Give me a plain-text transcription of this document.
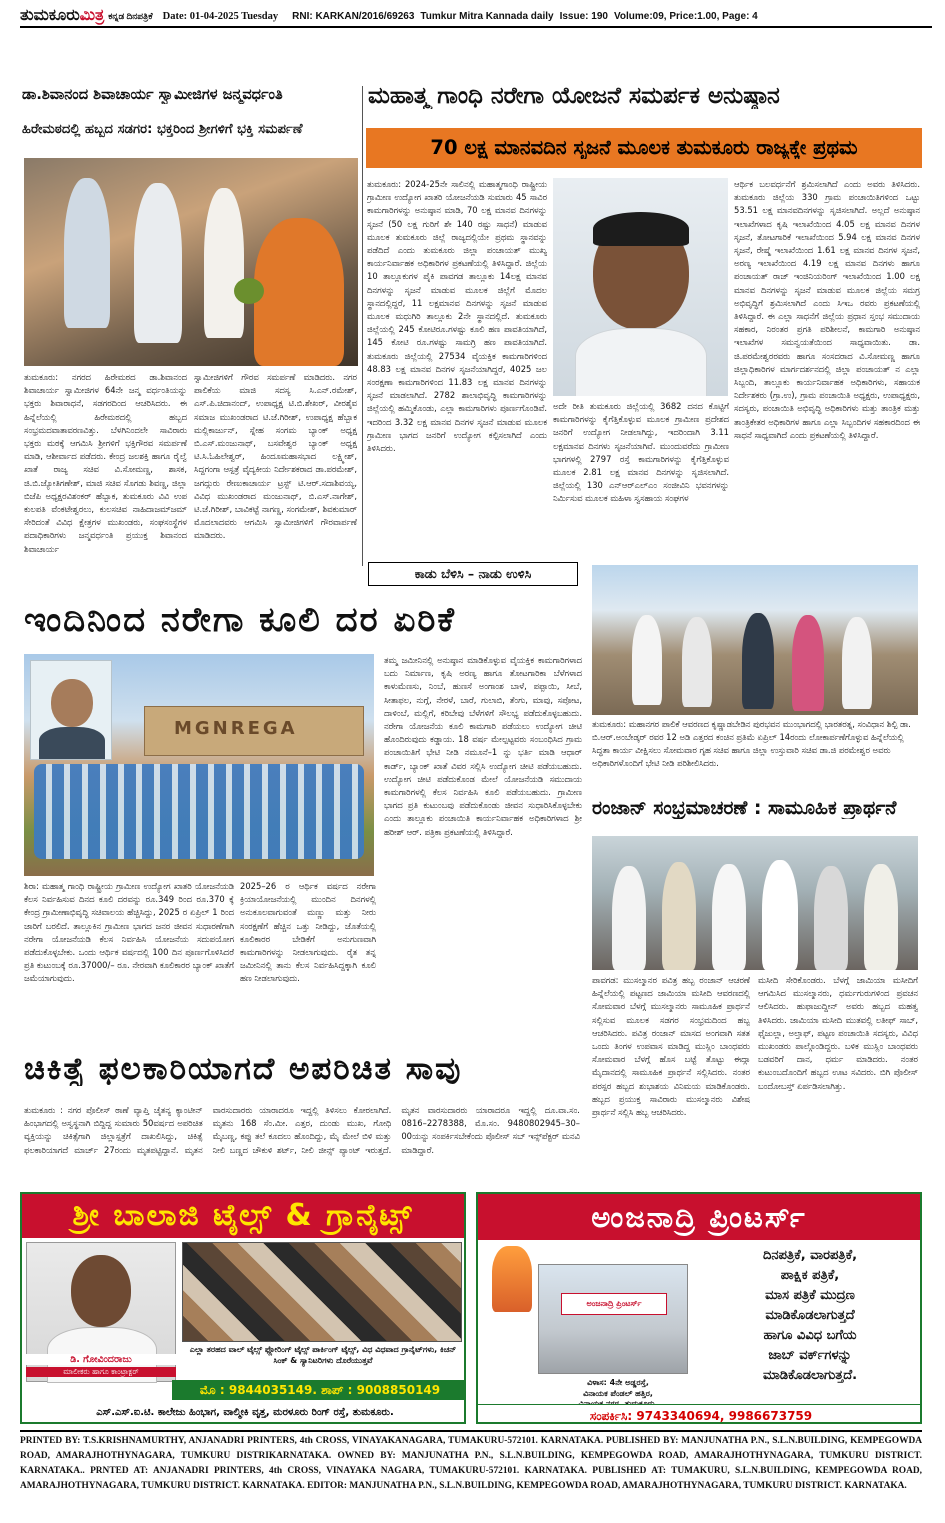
ತುಮಕೂರುಮಿತ್ರ ಕನ್ನಡ ದಿನಪತ್ರಿಕೆ Date: 01-04-2025 Tuesday RNI: KARKAN/2016/69263 Tumkur Mitra Kannada daily Issue: 190 Volume:09, Price:1.00, Page: 4
ಡಾ.ಶಿವಾನಂದ ಶಿವಾಚಾರ್ಯ ಸ್ವಾಮೀಜಿಗಳ ಜನ್ಮವರ್ಧಂತಿ
ಹಿರೇಮಠದಲ್ಲಿ ಹಬ್ಬದ ಸಡಗರ: ಭಕ್ತರಿಂದ ಶ್ರೀಗಳಿಗೆ ಭಕ್ತಿ ಸಮರ್ಪಣೆ
ತುಮಕೂರು: ನಗರದ ಹಿರೇಮಠದ ಡಾ.ಶಿವಾನಂದ ಶಿವಾಚಾರ್ಯ ಸ್ವಾಮೀಜಿಗಳ 64ನೇ ಜನ್ಮ ವರ್ಧಂತಿಯನ್ನು ಭಕ್ತರು ಶಿವಾರಾಧನೆ, ಸಡಗರದಿಂದ ಆಚರಿಸಿದರು. ಈ ಹಿನ್ನೆಲೆಯಲ್ಲಿ ಹಿರೇಮಠದಲ್ಲಿ ಹಬ್ಬದ ಸಂಭ್ರಮದವಾತಾವರಣವಿತ್ತು. ಬೆಳಗಿನಿಂದಲೇ ಸಾವಿರಾರು ಭಕ್ತರು ಮಠಕ್ಕೆ ಆಗಮಿಸಿ ಶ್ರೀಗಳಿಗೆ ಭಕ್ತಿಗೌರವ ಸಮರ್ಪಣೆ ಮಾಡಿ, ಆಶೀರ್ವಾದ ಪಡೆದರು. ಕೇಂದ್ರ ಜಲಶಕ್ತಿ ಹಾಗೂ ರೈಲ್ವೆ ಖಾತೆ ರಾಜ್ಯ ಸಚಿವ ವಿ.ಸೋಮಣ್ಣ, ಶಾಸಕ, ಜಿ.ಬಿ.ಜ್ಯೋತಿಗಣೇಶ್, ಮಾಜಿ ಸಚಿವ ಸೊಗಡು ಶಿವಣ್ಣ, ಜಿಲ್ಲಾ ಬಿಜೆಪಿ ಅಧ್ಯಕ್ಷರವಿಶಂಕರ್ ಹೆಬ್ಬಾಕ, ತುಮಕೂರು ವಿವಿ ಉಪ ಕುಲಪತಿ ವೆಂಕಟೇಶ್ವರಲು, ಕುಲಸಚಿವ ನಾಹಿದಾಜಮ್‌ಜಮ್ ಸೇರಿದಂತೆ ವಿವಿಧ ಕ್ಷೇತ್ರಗಳ ಮುಖಂಡರು, ಸಂಘಸಂಸ್ಥೆಗಳ ಪದಾಧಿಕಾರಿಗಳು ಜನ್ಮವರ್ಧಂತಿ ಪ್ರಯುಕ್ತ ಶಿವಾನಂದ ಶಿವಾಚಾರ್ಯ
ಸ್ವಾಮೀಜಿಗಳಿಗೆ ಗೌರವ ಸಮರ್ಪಣೆ ಮಾಡಿದರು. ನಗರ ಪಾಲಿಕೆಯ ಮಾಜಿ ಸದಸ್ಯ ಸಿ.ಎನ್.ರಮೇಶ್, ಎಸ್.ಪಿ.ಚಿದಾನಂದ್, ಉಪಾಧ್ಯಕ್ಷ ಟಿ.ಬಿ.ಶೇಖರ್, ವೀರಶೈವ ಸಮಾಜ ಮುಖಂಡರಾದ ಟಿ.ಜೆ.ಗಿರೀಶ್, ಉಪಾಧ್ಯಕ್ಷ ಹೆಬ್ಬಾಕ ಮಲ್ಲಿಕಾರ್ಜುನ್, ಸ್ನೇಹ ಸಂಗಮ ಬ್ಯಾಂಕ್ ಅಧ್ಯಕ್ಷ ಬಿ.ಎಸ್.ಮಂಜುನಾಥ್, ಬಸವೇಶ್ವರ ಬ್ಯಾಂಕ್ ಅಧ್ಯಕ್ಷ ಟಿ.ಸಿ.ಓಹಿಲೇಶ್ವರ್, ಹಿಂದೂಮಹಾಸಭಾದ ಲಕ್ಷ್ಮೀಶ್, ಸಿದ್ದಗಂಗಾ ಆಸ್ಪತ್ರೆ ವೈದ್ಯಕೀಯ ನಿರ್ದೇಶಕರಾದ ಡಾ.ಪರಮೇಶ್, ಜಗದ್ಗುರು ರೇಣುಕಾಚಾರ್ಯ ಟ್ರಸ್ಟ್ ಟಿ.ಆರ್.ಸದಾಶಿವಯ್ಯ, ವಿವಿಧ ಮುಖಂಡರಾದ ಮಂಜುನಾಥ್, ಬಿ.ಎಸ್.ನಾಗೇಶ್, ಟಿ.ಜೆ.ಗಿರೀಶ್, ಬಾವಿಕಟ್ಟೆ ನಾಗಣ್ಣ, ಸಂಗಮೇಶ್, ಶಿವಕುಮಾರ್ ಮೊದಲಾದವರು ಆಗಮಿಸಿ ಸ್ವಾಮೀಜಿಗಳಿಗೆ ಗೌರವಾರ್ಪಣೆ ಮಾಡಿದರು.
ಮಹಾತ್ಮ ಗಾಂಧಿ ನರೇಗಾ ಯೋಜನೆ ಸಮರ್ಪಕ ಅನುಷ್ಠಾನ
70 ಲಕ್ಷ ಮಾನವದಿನ ಸೃಜನೆ ಮೂಲಕ ತುಮಕೂರು ರಾಜ್ಯಕ್ಕೇ ಪ್ರಥಮ
ತುಮಕೂರು: 2024-25ನೇ ಸಾಲಿನಲ್ಲಿ ಮಹಾತ್ಮಗಾಂಧಿ ರಾಷ್ಟ್ರೀಯ ಗ್ರಾಮೀಣ ಉದ್ಯೋಗ ಖಾತರಿ ಯೋಜನೆಯಡಿ ಸುಮಾರು 45 ಸಾವಿರ ಕಾಮಗಾರಿಗಳನ್ನು ಅನುಷ್ಠಾನ ಮಾಡಿ, 70 ಲಕ್ಷ ಮಾನವ ದಿನಗಳನ್ನು ಸೃಜನೆ (50 ಲಕ್ಷ ಗುರಿಗೆ ಶೇ 140 ರಷ್ಟು ಸಾಧನೆ) ಮಾಡುವ ಮೂಲಕ ತುಮಕೂರು ಜಿಲ್ಲೆ ರಾಜ್ಯದಲ್ಲಿಯೇ ಪ್ರಥಮ ಸ್ಥಾನವನ್ನು ಪಡೆದಿದೆ ಎಂದು ತುಮಕೂರು ಜಿಲ್ಲಾ ಪಂಚಾಯತ್ ಮುಖ್ಯ ಕಾರ್ಯನಿರ್ವಾಹಕ ಅಧಿಕಾರಿಗಳ ಪ್ರಕಟಣೆಯಲ್ಲಿ ತಿಳಿಸಿದ್ದಾರೆ. ಜಿಲ್ಲೆಯ 10 ತಾಲ್ಲೂಕುಗಳ ಪೈಕಿ ಪಾವಗಡ ತಾಲ್ಲೂಕು 14ಲಕ್ಷ ಮಾನವ ದಿನಗಳನ್ನು ಸೃಜನೆ ಮಾಡುವ ಮೂಲಕ ಜಿಲ್ಲೆಗೆ ಮೊದಲ ಸ್ಥಾನದಲ್ಲಿದ್ದರೆ, 11 ಲಕ್ಷಮಾನವ ದಿನಗಳನ್ನು ಸೃಜನೆ ಮಾಡುವ ಮೂಲಕ ಮಧುಗಿರಿ ತಾಲ್ಲೂಕು 2ನೇ ಸ್ಥಾನದಲ್ಲಿದೆ. ತುಮಕೂರು ಜಿಲ್ಲೆಯಲ್ಲಿ 245 ಕೋಟಿರೂ.ಗಳಷ್ಟು ಕೂಲಿ ಹಣ ಪಾವತಿಯಾಗಿದೆ, 145 ಕೋಟಿ ರೂ.ಗಳಷ್ಟು ಸಾಮಗ್ರಿ ಹಣ ಪಾವತಿಯಾಗಿದೆ. ತುಮಕೂರು ಜಿಲ್ಲೆಯಲ್ಲಿ 27534 ವೈಯಕ್ತಿಕ ಕಾಮಗಾರಿಗಳಿಂದ 48.83 ಲಕ್ಷ ಮಾನವ ದಿನಗಳ ಸೃಜನೆಯಾಗಿದ್ದರೆ, 4025 ಜಲ ಸಂರಕ್ಷಣಾ ಕಾಮಗಾರಿಗಳಿಂದ 11.83 ಲಕ್ಷ ಮಾನವ ದಿನಗಳನ್ನು ಸೃಜನೆ ಮಾಡಲಾಗಿದೆ. 2782 ಶಾಲಾಭಿವೃದ್ಧಿ ಕಾಮಗಾರಿಗಳನ್ನು ಜಿಲ್ಲೆಯಲ್ಲಿ ಹಮ್ಮಿಕೊಂಡು, ಎಲ್ಲಾ ಕಾಮಗಾರಿಗಳು ಪೂರ್ಣಗೊಂಡಿವೆ. ಇದರಿಂದ 3.32 ಲಕ್ಷ ಮಾನವ ದಿನಗಳ ಸೃಜನೆ ಮಾಡುವ ಮೂಲಕ ಗ್ರಾಮೀಣ ಭಾಗದ ಜನರಿಗೆ ಉದ್ಯೋಗ ಕಲ್ಪಿಸಲಾಗಿದೆ ಎಂದು ತಿಳಿಸಿದರು.
ಅದೇ ರೀತಿ ತುಮಕೂರು ಜಿಲ್ಲೆಯಲ್ಲಿ 3682 ದನದ ಕೊಟ್ಟಿಗೆ ಕಾಮಗಾರಿಗಳನ್ನು ಕೈಗೆತ್ತಿಕೊಳ್ಳುವ ಮೂಲಕ ಗ್ರಾಮೀಣ ಪ್ರದೇಶದ ಜನರಿಗೆ ಉದ್ಯೋಗ ನೀಡಲಾಗಿದ್ದು, ಇದರಿಂದಾಗಿ 3.11 ಲಕ್ಷಮಾನವ ದಿನಗಳು ಸೃಜನೆಯಾಗಿವೆ. ಮುಂದುವರೆದು ಗ್ರಾಮೀಣ ಭಾಗಗಳಲ್ಲಿ 2797 ರಸ್ತೆ ಕಾಮಗಾರಿಗಳನ್ನು ಕೈಗೆತ್ತಿಕೊಳ್ಳುವ ಮೂಲಕ 2.81 ಲಕ್ಷ ಮಾನವ ದಿನಗಳನ್ನು ಸೃಜಿಸಲಾಗಿದೆ. ಜಿಲ್ಲೆಯಲ್ಲಿ 130 ಎನ್‌ಆರ್‌ಎಲ್‌ಎಂ ಸಂಜೀವಿನಿ ಭವನಗಳನ್ನು ನಿರ್ಮಿಸುವ ಮೂಲಕ ಮಹಿಳಾ ಸ್ವಸಹಾಯ ಸಂಘಗಳ
ಆರ್ಥಿಕ ಬಲವರ್ಧನೆಗೆ ಶ್ರಮಿಸಲಾಗಿದೆ ಎಂದು ಅವರು ತಿಳಿಸಿದರು. ತುಮಕೂರು ಜಿಲ್ಲೆಯ 330 ಗ್ರಾಮ ಪಂಚಾಯಿತಿಗಳಿಂದ ಒಟ್ಟು 53.51 ಲಕ್ಷ ಮಾನವದಿನಗಳನ್ನು ಸೃಜಿಸಲಾಗಿದೆ. ಅಲ್ಲದೆ ಅನುಷ್ಠಾನ ಇಲಾಖೆಗಳಾದ ಕೃಷಿ ಇಲಾಖೆಯಿಂದ 4.05 ಲಕ್ಷ ಮಾನವ ದಿನಗಳ ಸೃಜನೆ, ತೋಟಗಾರಿಕೆ ಇಲಾಖೆಯಿಂದ 5.94 ಲಕ್ಷ ಮಾನವ ದಿನಗಳ ಸೃಜನೆ, ರೇಷ್ಮೆ ಇಲಾಖೆಯಿಂದ 1.61 ಲಕ್ಷ ಮಾನವ ದಿನಗಳ ಸೃಜನೆ, ಅರಣ್ಯ ಇಲಾಖೆಯಿಂದ 4.19 ಲಕ್ಷ ಮಾನವ ದಿನಗಳು ಹಾಗೂ ಪಂಚಾಯತ್ ರಾಜ್ ಇಂಜಿನಿಯರಿಂಗ್ ಇಲಾಖೆಯಿಂದ 1.00 ಲಕ್ಷ ಮಾನವ ದಿನಗಳನ್ನು ಸೃಜನೆ ಮಾಡುವ ಮೂಲಕ ಜಿಲ್ಲೆಯ ಸಮಗ್ರ ಅಭಿವೃದ್ಧಿಗೆ ಶ್ರಮಿಸಲಾಗಿದೆ ಎಂದು ಸಿಇಒ ರವರು ಪ್ರಕಟಣೆಯಲ್ಲಿ ತಿಳಿಸಿದ್ದಾರೆ. ಈ ಎಲ್ಲಾ ಸಾಧನೆಗೆ ಜಿಲ್ಲೆಯ ಪ್ರಧಾನ ಸ್ತಂಭ ಸಮುದಾಯ ಸಹಕಾರ, ನಿರಂತರ ಪ್ರಗತಿ ಪರಿಶೀಲನೆ, ಕಾಮಗಾರಿ ಅನುಷ್ಠಾನ ಇಲಾಖೆಗಳ ಸಮನ್ವಯತೆಯಿಂದ ಸಾಧ್ಯವಾಯಿತು. ಡಾ. ಜಿ.ಪರಮೇಶ್ವರರವರು ಹಾಗೂ ಸಂಸದರಾದ ವಿ.ಸೋಮಣ್ಣ ಹಾಗೂ ಜಿಲ್ಲಾಧಿಕಾರಿಗಳ ಮಾರ್ಗದರ್ಶನದಲ್ಲಿ ಜಿಲ್ಲಾ ಪಂಚಾಯತ್ ನ ಎಲ್ಲಾ ಸಿಬ್ಬಂದಿ, ತಾಲ್ಲೂಕು ಕಾರ್ಯನಿರ್ವಾಹಕ ಅಧಿಕಾರಿಗಳು, ಸಹಾಯಕ ನಿರ್ದೇಶಕರು (ಗ್ರಾ.ಉ), ಗ್ರಾಮ ಪಂಚಾಯಿತಿ ಅಧ್ಯಕ್ಷರು, ಉಪಾಧ್ಯಕ್ಷರು, ಸದಸ್ಯರು, ಪಂಚಾಯಿತಿ ಅಭಿವೃದ್ಧಿ ಅಧಿಕಾರಿಗಳು ಮತ್ತು ತಾಂತ್ರಿಕ ಮತ್ತು ತಾಂತ್ರಿಕೇತರ ಅಧಿಕಾರಿಗಳ ಹಾಗೂ ಎಲ್ಲಾ ಸಿಬ್ಬಂದಿಗಳ ಸಹಕಾರದಿಂದ ಈ ಸಾಧನೆ ಸಾಧ್ಯವಾಗಿದೆ ಎಂದು ಪ್ರಕಟಣೆಯಲ್ಲಿ ತಿಳಿಸಿದ್ದಾರೆ.
ಕಾಡು ಬೆಳಿಸಿ – ನಾಡು ಉಳಿಸಿ
ಇಂದಿನಿಂದ ನರೇಗಾ ಕೂಲಿ ದರ ಏರಿಕೆ
MGNREGA
ಶಿರಾ: ಮಹಾತ್ಮ ಗಾಂಧಿ ರಾಷ್ಟ್ರೀಯ ಗ್ರಾಮೀಣ ಉದ್ಯೋಗ ಖಾತರಿ ಯೋಜನೆಯಡಿ ಕೆಲಸ ನಿರ್ವಹಿಸುವ ದಿನದ ಕೂಲಿ ದರವನ್ನು ರೂ.349 ರಿಂದ ರೂ.370 ಕ್ಕೆ ಕೇಂದ್ರ ಗ್ರಾಮೀಣಾಭಿವೃದ್ಧಿ ಸಚಿವಾಲಯ ಹೆಚ್ಚಿಸಿದ್ದು, 2025 ರ ಏಪ್ರಿಲ್ 1 ರಿಂದ ಜಾರಿಗೆ ಬರಲಿದೆ. ತಾಲ್ಲೂಕಿನ ಗ್ರಾಮೀಣ ಭಾಗದ ಜನರ ಜೀವನ ಸುಧಾರಣೆಗಾಗಿ ನರೇಗಾ ಯೋಜನೆಯಡಿ ಕೆಲಸ ನಿರ್ವಹಿಸಿ ಯೋಜನೆಯ ಸದುಪಯೋಗ ಪಡೆದುಕೊಳ್ಳಬೇಕು. ಒಂದು ಆರ್ಥಿಕ ವರ್ಷದಲ್ಲಿ 100 ದಿನ ಪೂರ್ಣಗೊಳಿಸಿದರೆ ಪ್ರತಿ ಕುಟುಂಬಕ್ಕೆ ರೂ.37000/– ರೂ. ನೇರವಾಗಿ ಕೂಲಿಕಾರರ ಬ್ಯಾಂಕ್ ಖಾತೆಗೆ ಜಮೆಯಾಗುವುದು.
2025–26 ರ ಆರ್ಥಿಕ ವರ್ಷದ ನರೇಗಾ ಕ್ರಿಯಾಯೋಜನೆಯಲ್ಲಿ ಮುಂದಿನ ದಿನಗಳಲ್ಲಿ ಅನುಕೂಲವಾಗುವಂತೆ ಮಣ್ಣು ಮತ್ತು ನೀರು ಸಂರಕ್ಷಣೆಗೆ ಹೆಚ್ಚಿನ ಒತ್ತು ನೀಡಿದ್ದು, ಜೊತೆಯಲ್ಲಿ ಕೂಲಿಕಾರರ ಬೇಡಿಕೆಗೆ ಅನುಗುಣವಾಗಿ ಕಾಮಗಾರಿಗಳನ್ನು ನೀಡಲಾಗುವುದು. ರೈತ ತನ್ನ ಜಮೀನಿನಲ್ಲಿ ತಾನು ಕೆಲಸ ನಿರ್ವಹಿಸಿದ್ದಕ್ಕಾಗಿ ಕೂಲಿ ಹಣ ನೀಡಲಾಗುವುದು.
ತಮ್ಮ ಜಮೀನಿನಲ್ಲಿ ಅನುಷ್ಠಾನ ಮಾಡಿಕೊಳ್ಳುವ ವೈಯಕ್ತಿಕ ಕಾಮಗಾರಿಗಳಾದ ಬದು ನಿರ್ಮಾಣ, ಕೃಷಿ ಅರಣ್ಯ ಹಾಗೂ ತೋಟಗಾರಿಕಾ ಬೆಳೆಗಳಾದ ಕಾಳುಮೆಣಸು, ನಿಂಬೆ, ಹುಣಸೆ ಅಂಗಾಂಶ ಬಾಳೆ, ಪಪ್ಪಾಯಿ, ಸೀಬೆ, ಸೀತಾಫಲ, ನುಗ್ಗೆ, ನೇರಳೆ, ಬಾರೆ, ಗುಲಾಬಿ, ತೆಂಗು, ಮಾವು, ಸಪೋಟ, ದಾಳಿಂಬೆ, ಮಲ್ಲಿಗೆ, ಕರಿಬೇವು ಬೆಳೆಗಳಿಗೆ ಸೌಲಭ್ಯ ಪಡೆದುಕೊಳ್ಳಬಹುದು. ನರೇಗಾ ಯೋಜನೆಯ ಕೂಲಿ ಕಾಮಗಾರಿ ಪಡೆಯಲು ಉದ್ಯೋಗ ಚೀಟಿ ಹೊಂದಿರುವುದು ಕಡ್ಡಾಯ. 18 ವರ್ಷ ಮೇಲ್ಪಟ್ಟವರು ಸಂಬಂಧಿಸಿದ ಗ್ರಾಮ ಪಂಚಾಯಿತಿಗೆ ಭೇಟಿ ನೀಡಿ ನಮೂನೆ–1 ನ್ನು ಭರ್ತಿ ಮಾಡಿ ಆಧಾರ್ ಕಾರ್ಡ್, ಬ್ಯಾಂಕ್ ಖಾತೆ ವಿವರ ಸಲ್ಲಿಸಿ ಉದ್ಯೋಗ ಚೀಟಿ ಪಡೆಯಬಹುದು. ಉದ್ಯೋಗ ಚೀಟಿ ಪಡೆದುಕೊಂಡ ಮೇಲೆ ಯೋಜನೆಯಡಿ ಸಮುದಾಯ ಕಾಮಗಾರಿಗಳಲ್ಲಿ ಕೆಲಸ ನಿರ್ವಹಿಸಿ ಕೂಲಿ ಪಡೆಯಬಹುದು. ಗ್ರಾಮೀಣ ಭಾಗದ ಪ್ರತಿ ಕುಟುಂಬವು ಪಡೆದುಕೊಂಡು ಜೀವನ ಸುಧಾರಿಸಿಕೊಳ್ಳಬೇಕು ಎಂದು ತಾಲ್ಲೂಕು ಪಂಚಾಯಿತಿ ಕಾರ್ಯನಿರ್ವಾಹಕ ಅಧಿಕಾರಿಗಳಾದ ಶ್ರೀ ಹರೀಶ್ ಆರ್. ಪತ್ರಿಕಾ ಪ್ರಕಟಣೆಯಲ್ಲಿ ತಿಳಿಸಿದ್ದಾರೆ.
ತುಮಕೂರು: ಮಹಾನಗರ ಪಾಲಿಕೆ ಆವರಣದ ಕೃಷ್ಣಾಡಬೇಡಿನ ಪುರಭವನ ಮುಂಭಾಗದಲ್ಲಿ ಭಾರತರತ್ನ, ಸಂವಿಧಾನ ಶಿಲ್ಪಿ ಡಾ. ಬಿ.ಆರ್.ಅಂಬೇಡ್ಕರ್ ರವರ 12 ಅಡಿ ಎತ್ತರದ ಕಂಚಿನ ಪ್ರತಿಮೆ ಏಪ್ರಿಲ್ 14ರಂದು ಲೋಕಾರ್ಪಣೆಗೊಳ್ಳುವ ಹಿನ್ನೆಲೆಯಲ್ಲಿ ಸಿದ್ಧತಾ ಕಾರ್ಯ ವೀಕ್ಷಿಸಲು ಸೋಮವಾರ ಗೃಹ ಸಚಿವ ಹಾಗೂ ಜಿಲ್ಲಾ ಉಸ್ತುವಾರಿ ಸಚಿವ ಡಾ.ಜಿ ಪರಮೇಶ್ವರ ಅವರು ಅಧಿಕಾರಿಗಳೊಂದಿಗೆ ಭೇಟಿ ನೀಡಿ ಪರಿಶೀಲಿಸಿದರು.
ರಂಜಾನ್ ಸಂಭ್ರಮಾಚರಣೆ : ಸಾಮೂಹಿಕ ಪ್ರಾರ್ಥನೆ
ಪಾವಗಡ: ಮುಸಲ್ಮಾನರ ಪವಿತ್ರ ಹಬ್ಬ ರಂಜಾನ್ ಆಚರಣೆ ಹಿನ್ನೆಲೆಯಲ್ಲಿ ಪಟ್ಟಣದ ಜಾಮಿಯಾ ಮಸೀದಿ ಆವರಣದಲ್ಲಿ ಸೋಮವಾರ ಬೆಳಗ್ಗೆ ಮುಸಲ್ಮಾನರು ಸಾಮೂಹಿಕ ಪ್ರಾರ್ಥನೆ ಸಲ್ಲಿಸುವ ಮೂಲಕ ಸಡಗರ ಸಂಭ್ರಮದಿಂದ ಹಬ್ಬ ಆಚರಿಸಿದರು. ಪವಿತ್ರ ರಂಜಾನ್ ಮಾಸದ ಅಂಗವಾಗಿ ಸತತ ಒಂದು ತಿಂಗಳ ಉಪವಾಸ ಮಾಡಿದ್ದ ಮುಸ್ಲಿಂ ಬಾಂಧವರು ಸೋಮವಾರ ಬೆಳಗ್ಗೆ ಹೊಸ ಬಟ್ಟೆ ತೊಟ್ಟು ಈದ್ಗಾ ಮೈದಾನದಲ್ಲಿ ಸಾಮೂಹಿಕ ಪ್ರಾರ್ಥನೆ ಸಲ್ಲಿಸಿದರು. ನಂತರ ಪರಸ್ಪರ ಹಬ್ಬದ ಶುಭಾಶಯ ವಿನಿಮಯ ಮಾಡಿಕೊಂಡರು. ಹಬ್ಬದ ಪ್ರಯುಕ್ತ ಸಾವಿರಾರು ಮುಸಲ್ಮಾನರು ವಿಶೇಷ ಪ್ರಾರ್ಥನೆ ಸಲ್ಲಿಸಿ ಹಬ್ಬ ಆಚರಿಸಿದರು.
ಮಸೀದಿ ಸೇರಿಕೊಂಡರು. ಬೆಳಗ್ಗೆ ಜಾಮಿಯಾ ಮಸೀದಿಗೆ ಆಗಮಿಸಿದ ಮುಸಲ್ಮಾನರು, ಧರ್ಮಗುರುಗಳಿಂದ ಪ್ರವಚನ ಆಲಿಸಿದರು. ಹುಫಾಜುದ್ದೀನ್ ಅವರು ಹಬ್ಬದ ಮಹತ್ವ ತಿಳಿಸಿದರು. ಜಾಮಿಯಾ ಮಸೀದಿ ಮುತವಲ್ಲಿ ಲತೀಫ್ ಸಾಬ್, ಫೈಜುಲ್ಲಾ, ಅಲ್ತಾಫ್, ಪಟ್ಟಣ ಪಂಚಾಯಿತಿ ಸದಸ್ಯರು, ವಿವಿಧ ಮುಖಂಡರು ಪಾಲ್ಗೊಂಡಿದ್ದರು. ಬಳಿಕ ಮುಸ್ಲಿಂ ಬಾಂಧವರು ಬಡವರಿಗೆ ದಾನ, ಧರ್ಮ ಮಾಡಿದರು. ನಂತರ ಕುಟುಂಬದೊಂದಿಗೆ ಹಬ್ಬದ ಊಟ ಸವಿದರು. ಬಿಗಿ ಪೊಲೀಸ್ ಬಂದೋಬಸ್ತ್ ಏರ್ಪಡಿಸಲಾಗಿತ್ತು.
ಚಿಕಿತ್ಸೆ ಫಲಕಾರಿಯಾಗದೆ ಅಪರಿಚಿತ ಸಾವು
ತುಮಕೂರು : ನಗರ ಪೊಲೀಸ್ ಠಾಣೆ ವ್ಯಾಪ್ತಿ ಚೈತನ್ಯ ಕ್ಯಾಂಟೀನ್ ಹಿಂಭಾಗದಲ್ಲಿ ಅಸ್ವಸ್ಥನಾಗಿ ಬಿದ್ದಿದ್ದ ಸುಮಾರು 50ವರ್ಷದ ಅಪರಿಚಿತ ವ್ಯಕ್ತಿಯನ್ನು ಚಿಕಿತ್ಸೆಗಾಗಿ ಜಿಲ್ಲಾಸ್ಪತ್ರೆಗೆ ದಾಖಲಿಸಿದ್ದು, ಚಿಕಿತ್ಸೆ ಫಲಕಾರಿಯಾಗದೆ ಮಾರ್ಚ್ 27ರಂದು ಮೃತಪಟ್ಟಿದ್ದಾನೆ. ಮೃತನ ವಾರಸುದಾರರು ಯಾರಾದರೂ ಇದ್ದಲ್ಲಿ ತಿಳಿಸಲು ಕೋರಲಾಗಿದೆ. ಮೃತನು 168 ಸೆಂ.ಮೀ. ಎತ್ತರ, ದುಂಡು ಮುಖ, ಗೋಧಿ ಮೈಬಣ್ಣ, ಕಪ್ಪು ತಲೆ ಕೂದಲು ಹೊಂದಿದ್ದು, ಮೈ ಮೇಲೆ ಬಿಳಿ ಮತ್ತು ನೀಲಿ ಬಣ್ಣದ ಚೌಕುಳಿ ಶರ್ಟ್, ನೀಲಿ ಜೀನ್ಸ್ ಪ್ಯಾಂಟ್ ಇರುತ್ತದೆ. ಮೃತನ ವಾರಸುದಾರರು ಯಾರಾದರೂ ಇದ್ದಲ್ಲಿ ದೂ.ವಾ.ಸಂ. 0816–2278388, ಮೊ.ಸಂ. 9480802945–30–00ಯನ್ನು ಸಂಪರ್ಕಿಸಬೇಕೆಂದು ಪೊಲೀಸ್ ಸಬ್ ಇನ್ಸ್‌ಪೆಕ್ಟರ್ ಮನವಿ ಮಾಡಿದ್ದಾರೆ.
ಶ್ರೀ ಬಾಲಾಜಿ ಟೈಲ್ಸ್ & ಗ್ರಾನೈಟ್ಸ್
ಡಿ. ಗೋವಿಂದರಾಜು
ಮಾಲೀಕರು ಹಾಗೂ ಕಾಂಟ್ರಾಕ್ಟರ್
ಎಲ್ಲಾ ತರಹದ ವಾಲ್ ಟೈಲ್ಸ್ ಫ್ಲೋರಿಂಗ್ ಟೈಲ್ಸ್ ಪಾರ್ಕಿಂಗ್ ಟೈಲ್ಸ್, ವಿಧ ವಿಧವಾದ ಗ್ರಾನೈಟ್‌ಗಳು, ಕಿಚನ್ ಸಿಂಕ್ & ಸ್ಯಾನಿಟರಿಗಳು ದೊರೆಯುತ್ತವೆ
ಮೊ : 9844035149. ಶಾಪ್ : 9008850149
ಎಸ್.ಎಸ್.ಐ.ಟಿ. ಕಾಲೇಜು ಹಿಂಭಾಗ, ವಾಲ್ಮೀಕಿ ವೃತ್ತ, ಮರಳೂರು ರಿಂಗ್ ರಸ್ತೆ, ತುಮಕೂರು.
ಅಂಜನಾದ್ರಿ ಪ್ರಿಂಟರ್ಸ್
ಅಂಜನಾದ್ರಿ ಪ್ರಿಂಟರ್ಸ್
ವಿಳಾಸ: 4ನೇ ಅಡ್ಡರಸ್ತೆ,
ವಿನಾಯಕ ಪೆಂಡಲ್ ಹತ್ತಿರ,
ದಿನಪತ್ರಿಕೆ, ವಾರಪತ್ರಿಕೆ,
ಪಾಕ್ಷಿಕ ಪತ್ರಿಕೆ,
ಮಾಸ ಪತ್ರಿಕೆ ಮುದ್ರಣ
ಮಾಡಿಕೊಡಲಾಗುತ್ತದೆ
ಹಾಗೂ ವಿವಿಧ ಬಗೆಯ
ಜಾಬ್ ವರ್ಕ್‌ಗಳನ್ನು
ಮಾಡಿಕೊಡಲಾಗುತ್ತದೆ.
ಸಂಪರ್ಕಿಸಿ: 9743340694, 9986673759
PRINTED BY: T.S.KRISHNAMURTHY, ANJANADRI PRINTERS, 4th CROSS, VINAYAKANAGARA, TUMAKURU-572101. KARNATAKA. PUBLISHED BY: MANJUNATHA P.N., S.L.N.BUILDING, KEMPEGOWDA ROAD, AMARAJHOTHYNAGARA, TUMKURU DISTRIKARNATAKA. OWNED BY: MANJUNATHA P.N., S.L.N.BUILDING, KEMPEGOWDA ROAD, AMARAJHOTHYNAGARA, TUMKURU DISTRICT. KARNATAKA.. PRNTED AT: ANJANADRI PRINTERS, 4th CROSS, VINAYAKA NAGARA, TUMAKURU-572101. KARNATAKA. PUBLISHED AT: TUMAKURU, S.L.N.BUILDING, KEMPEGOWDA ROAD, AMARAJHOTHYNAGARA, TUMKURU DISTRICT. KARNATAKA. EDITOR: MANJUNATHA P.N., S.L.N.BUILDING, KEMPEGOWDA ROAD, AMARAJHOTHYNAGARA, TUMKURU DISTRICT. KARNATAKA.
